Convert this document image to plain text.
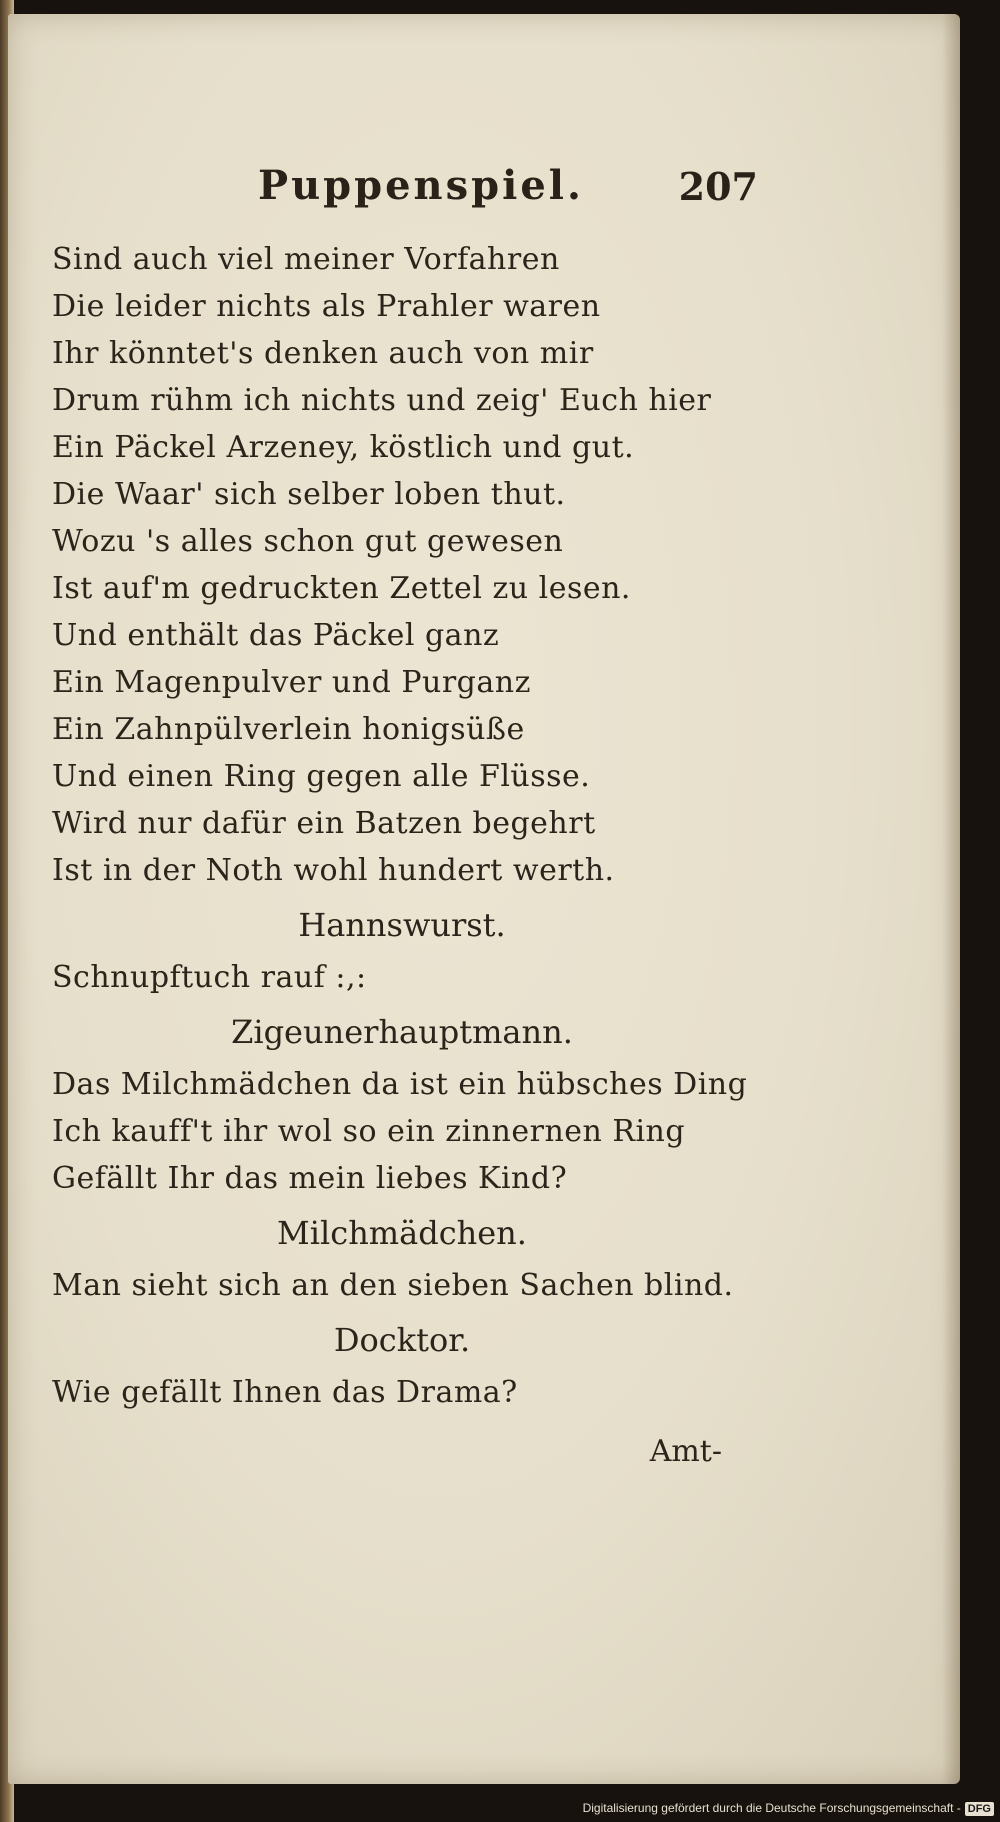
Puppenspiel. 207
Sind auch viel meiner Vorfahren
Die leider nichts als Prahler waren
Ihr könntet's denken auch von mir
Drum rühm ich nichts und zeig' Euch hier
Ein Päckel Arzeney, köstlich und gut.
Die Waar' sich selber loben thut.
Wozu 's alles schon gut gewesen
Ist auf'm gedruckten Zettel zu lesen.
Und enthält das Päckel ganz
Ein Magenpulver und Purganz
Ein Zahnpülverlein honigsüße
Und einen Ring gegen alle Flüsse.
Wird nur dafür ein Batzen begehrt
Ist in der Noth wohl hundert werth.
Hannswurst.
Schnupftuch rauf :,:
Zigeunerhauptmann.
Das Milchmädchen da ist ein hübsches Ding
Ich kauff't ihr wol so ein zinnernen Ring
Gefällt Ihr das mein liebes Kind?
Milchmädchen.
Man sieht sich an den sieben Sachen blind.
Docktor.
Wie gefällt Ihnen das Drama?
Amt-
Digitalisierung gefördert durch die Deutsche Forschungsgemeinschaft - DFG
